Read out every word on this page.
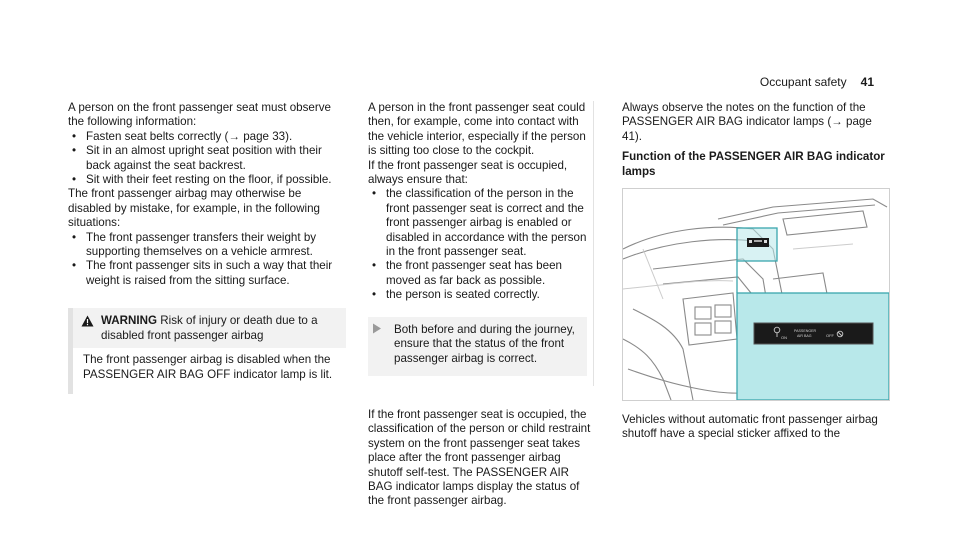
Occupant safety 41

A person on the front passenger seat must observe the following information:

• Fasten seat belts correctly (→ page 33).
• Sit in an almost upright seat position with their back against the seat backrest.
• Sit with their feet resting on the floor, if possible.

The front passenger airbag may otherwise be disabled by mistake, for example, in the following situations:

• The front passenger transfers their weight by supporting themselves on a vehicle armrest.
• The front passenger sits in such a way that their weight is raised from the sitting surface.
WARNING Risk of injury or death due to a disabled front passenger airbag
The front passenger airbag is disabled when the PASSENGER AIR BAG OFF indicator lamp is lit.

A person in the front passenger seat could then, for example, come into contact with the vehicle interior, especially if the person is sitting too close to the cockpit.

If the front passenger seat is occupied, always ensure that:

• the classification of the person in the front passenger seat is correct and the front passenger airbag is enabled or disabled in accordance with the person in the front passenger seat.
• the front passenger seat has been moved as far back as possible.
• the person is seated correctly.
Both before and during the journey, ensure that the status of the front passenger airbag is correct.

If the front passenger seat is occupied, the classification of the person or child restraint system on the front passenger seat takes place after the front passenger airbag shutoff self-test. The PASSENGER AIR BAG indicator lamps display the status of the front passenger airbag.

Always observe the notes on the function of the PASSENGER AIR BAG indicator lamps (→ page 41).

Function of the PASSENGER AIR BAG indicator lamps

ON
PASSENGER
AIR BAG	OFF

Vehicles without automatic front passenger airbag shutoff have a special sticker affixed to the
